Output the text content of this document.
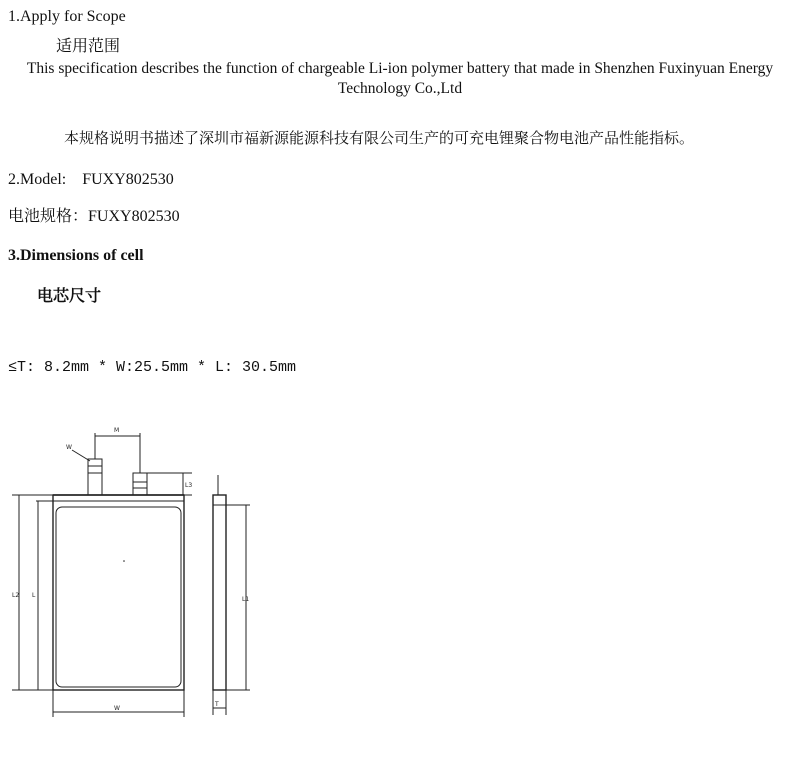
1.Apply for Scope
适用范围
This specification describes the function of chargeable Li-ion polymer battery that made in Shenzhen Fuxinyuan Energy Technology Co.,Ltd
本规格说明书描述了深圳市福新源能源科技有限公司生产的可充电锂聚合物电池产品性能指标。
2.Model: FUXY802530
电池规格：FUXY802530
3.Dimensions of cell
电芯尺寸
≤T: 8.2mm * W:25.5mm * L: 30.5mm
M
W
L3
L2 L
W
L1
T
